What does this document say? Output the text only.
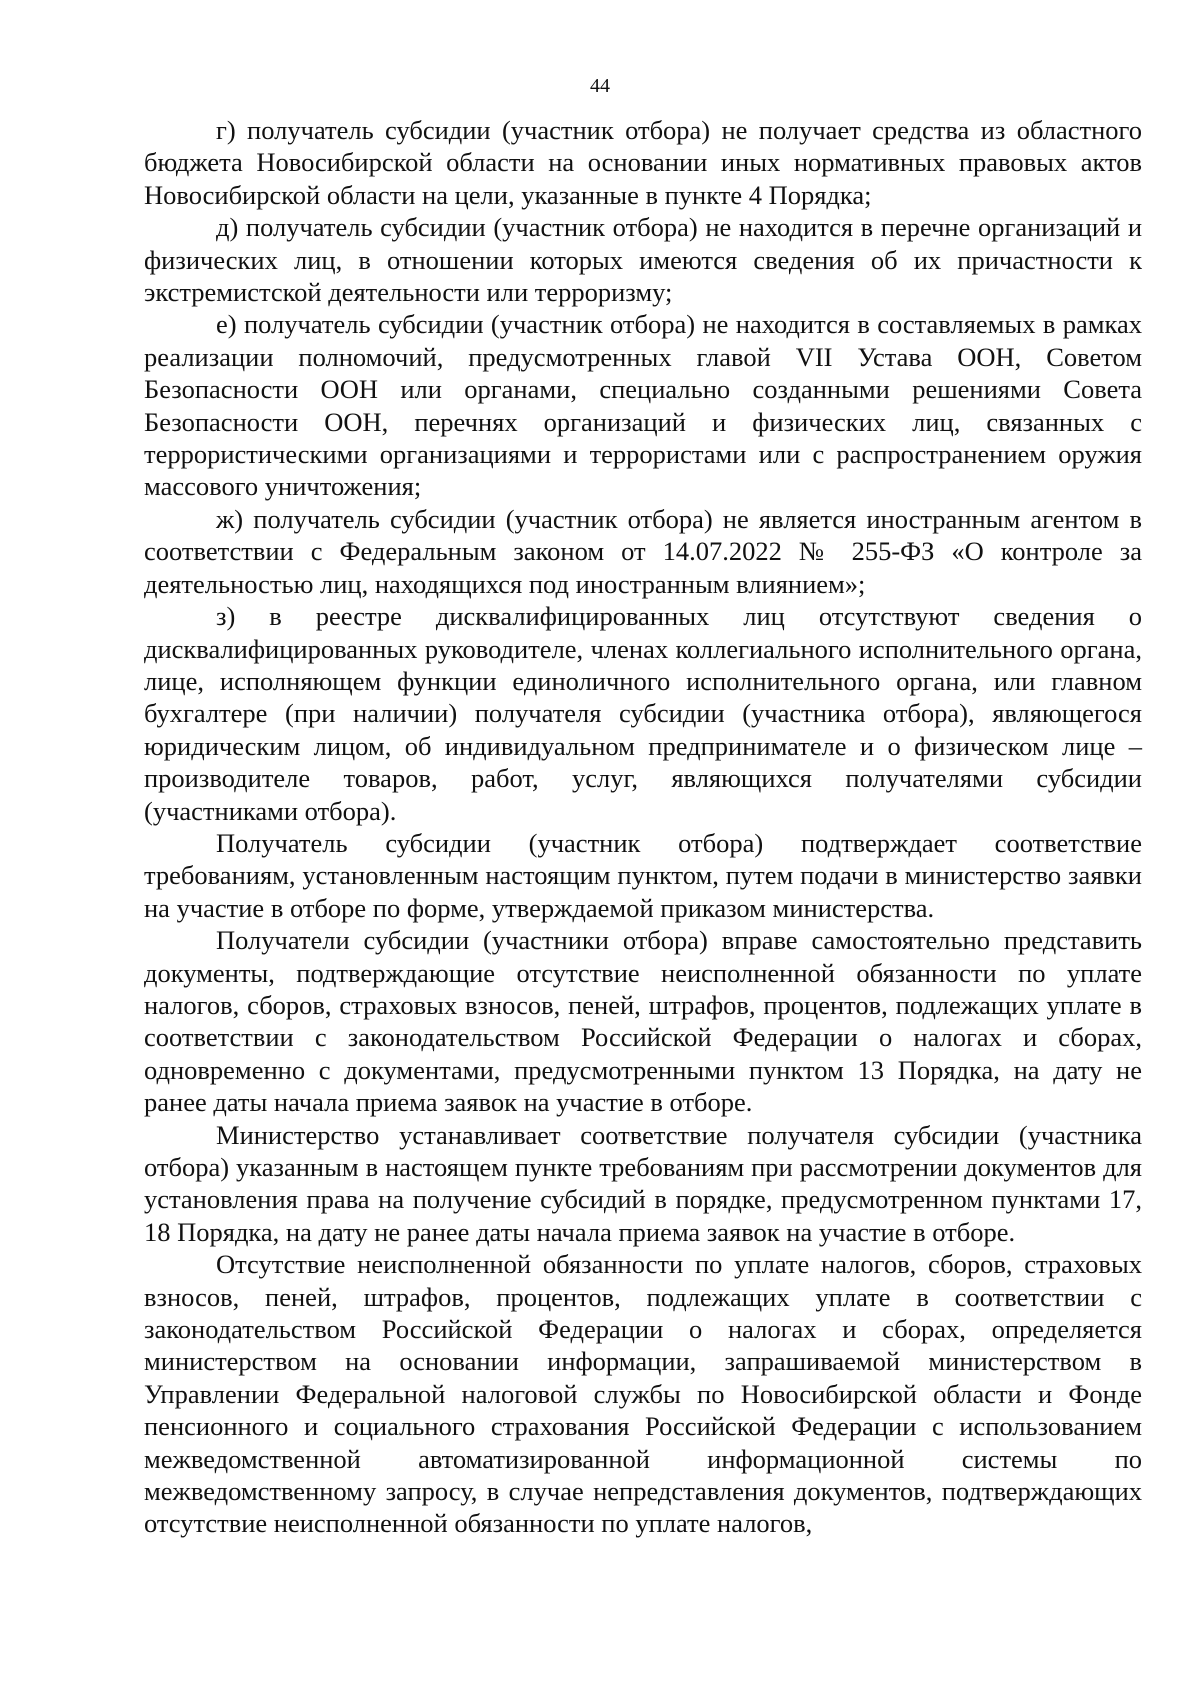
44

г) получатель субсидии (участник отбора) не получает средства из областного бюджета Новосибирской области на основании иных нормативных правовых актов Новосибирской области на цели, указанные в пункте 4 Порядка;

д) получатель субсидии (участник отбора) не находится в перечне организаций и физических лиц, в отношении которых имеются сведения об их причастности к экстремистской деятельности или терроризму;

е) получатель субсидии (участник отбора) не находится в составляемых в рамках реализации полномочий, предусмотренных главой VII Устава ООН, Советом Безопасности ООН или органами, специально созданными решениями Совета Безопасности ООН, перечнях организаций и физических лиц, связанных с террористическими организациями и террористами или с распространением оружия массового уничтожения;

ж) получатель субсидии (участник отбора) не является иностранным агентом в соответствии с Федеральным законом от 14.07.2022 № 255-ФЗ «О контроле за деятельностью лиц, находящихся под иностранным влиянием»;

з) в реестре дисквалифицированных лиц отсутствуют сведения о дисквалифицированных руководителе, членах коллегиального исполнительного органа, лице, исполняющем функции единоличного исполнительного органа, или главном бухгалтере (при наличии) получателя субсидии (участника отбора), являющегося юридическим лицом, об индивидуальном предпринимателе и о физическом лице – производителе товаров, работ, услуг, являющихся получателями субсидии (участниками отбора).

Получатель субсидии (участник отбора) подтверждает соответствие требованиям, установленным настоящим пунктом, путем подачи в министерство заявки на участие в отборе по форме, утверждаемой приказом министерства.

Получатели субсидии (участники отбора) вправе самостоятельно представить документы, подтверждающие отсутствие неисполненной обязанности по уплате налогов, сборов, страховых взносов, пеней, штрафов, процентов, подлежащих уплате в соответствии с законодательством Российской Федерации о налогах и сборах, одновременно с документами, предусмотренными пунктом 13 Порядка, на дату не ранее даты начала приема заявок на участие в отборе.

Министерство устанавливает соответствие получателя субсидии (участника отбора) указанным в настоящем пункте требованиям при рассмотрении документов для установления права на получение субсидий в порядке, предусмотренном пунктами 17, 18 Порядка, на дату не ранее даты начала приема заявок на участие в отборе.

Отсутствие неисполненной обязанности по уплате налогов, сборов, страховых взносов, пеней, штрафов, процентов, подлежащих уплате в соответствии с законодательством Российской Федерации о налогах и сборах, определяется министерством на основании информации, запрашиваемой министерством в Управлении Федеральной налоговой службы по Новосибирской области и Фонде пенсионного и социального страхования Российской Федерации с использованием межведомственной автоматизированной информационной системы по межведомственному запросу, в случае непредставления документов, подтверждающих отсутствие неисполненной обязанности по уплате налогов,
